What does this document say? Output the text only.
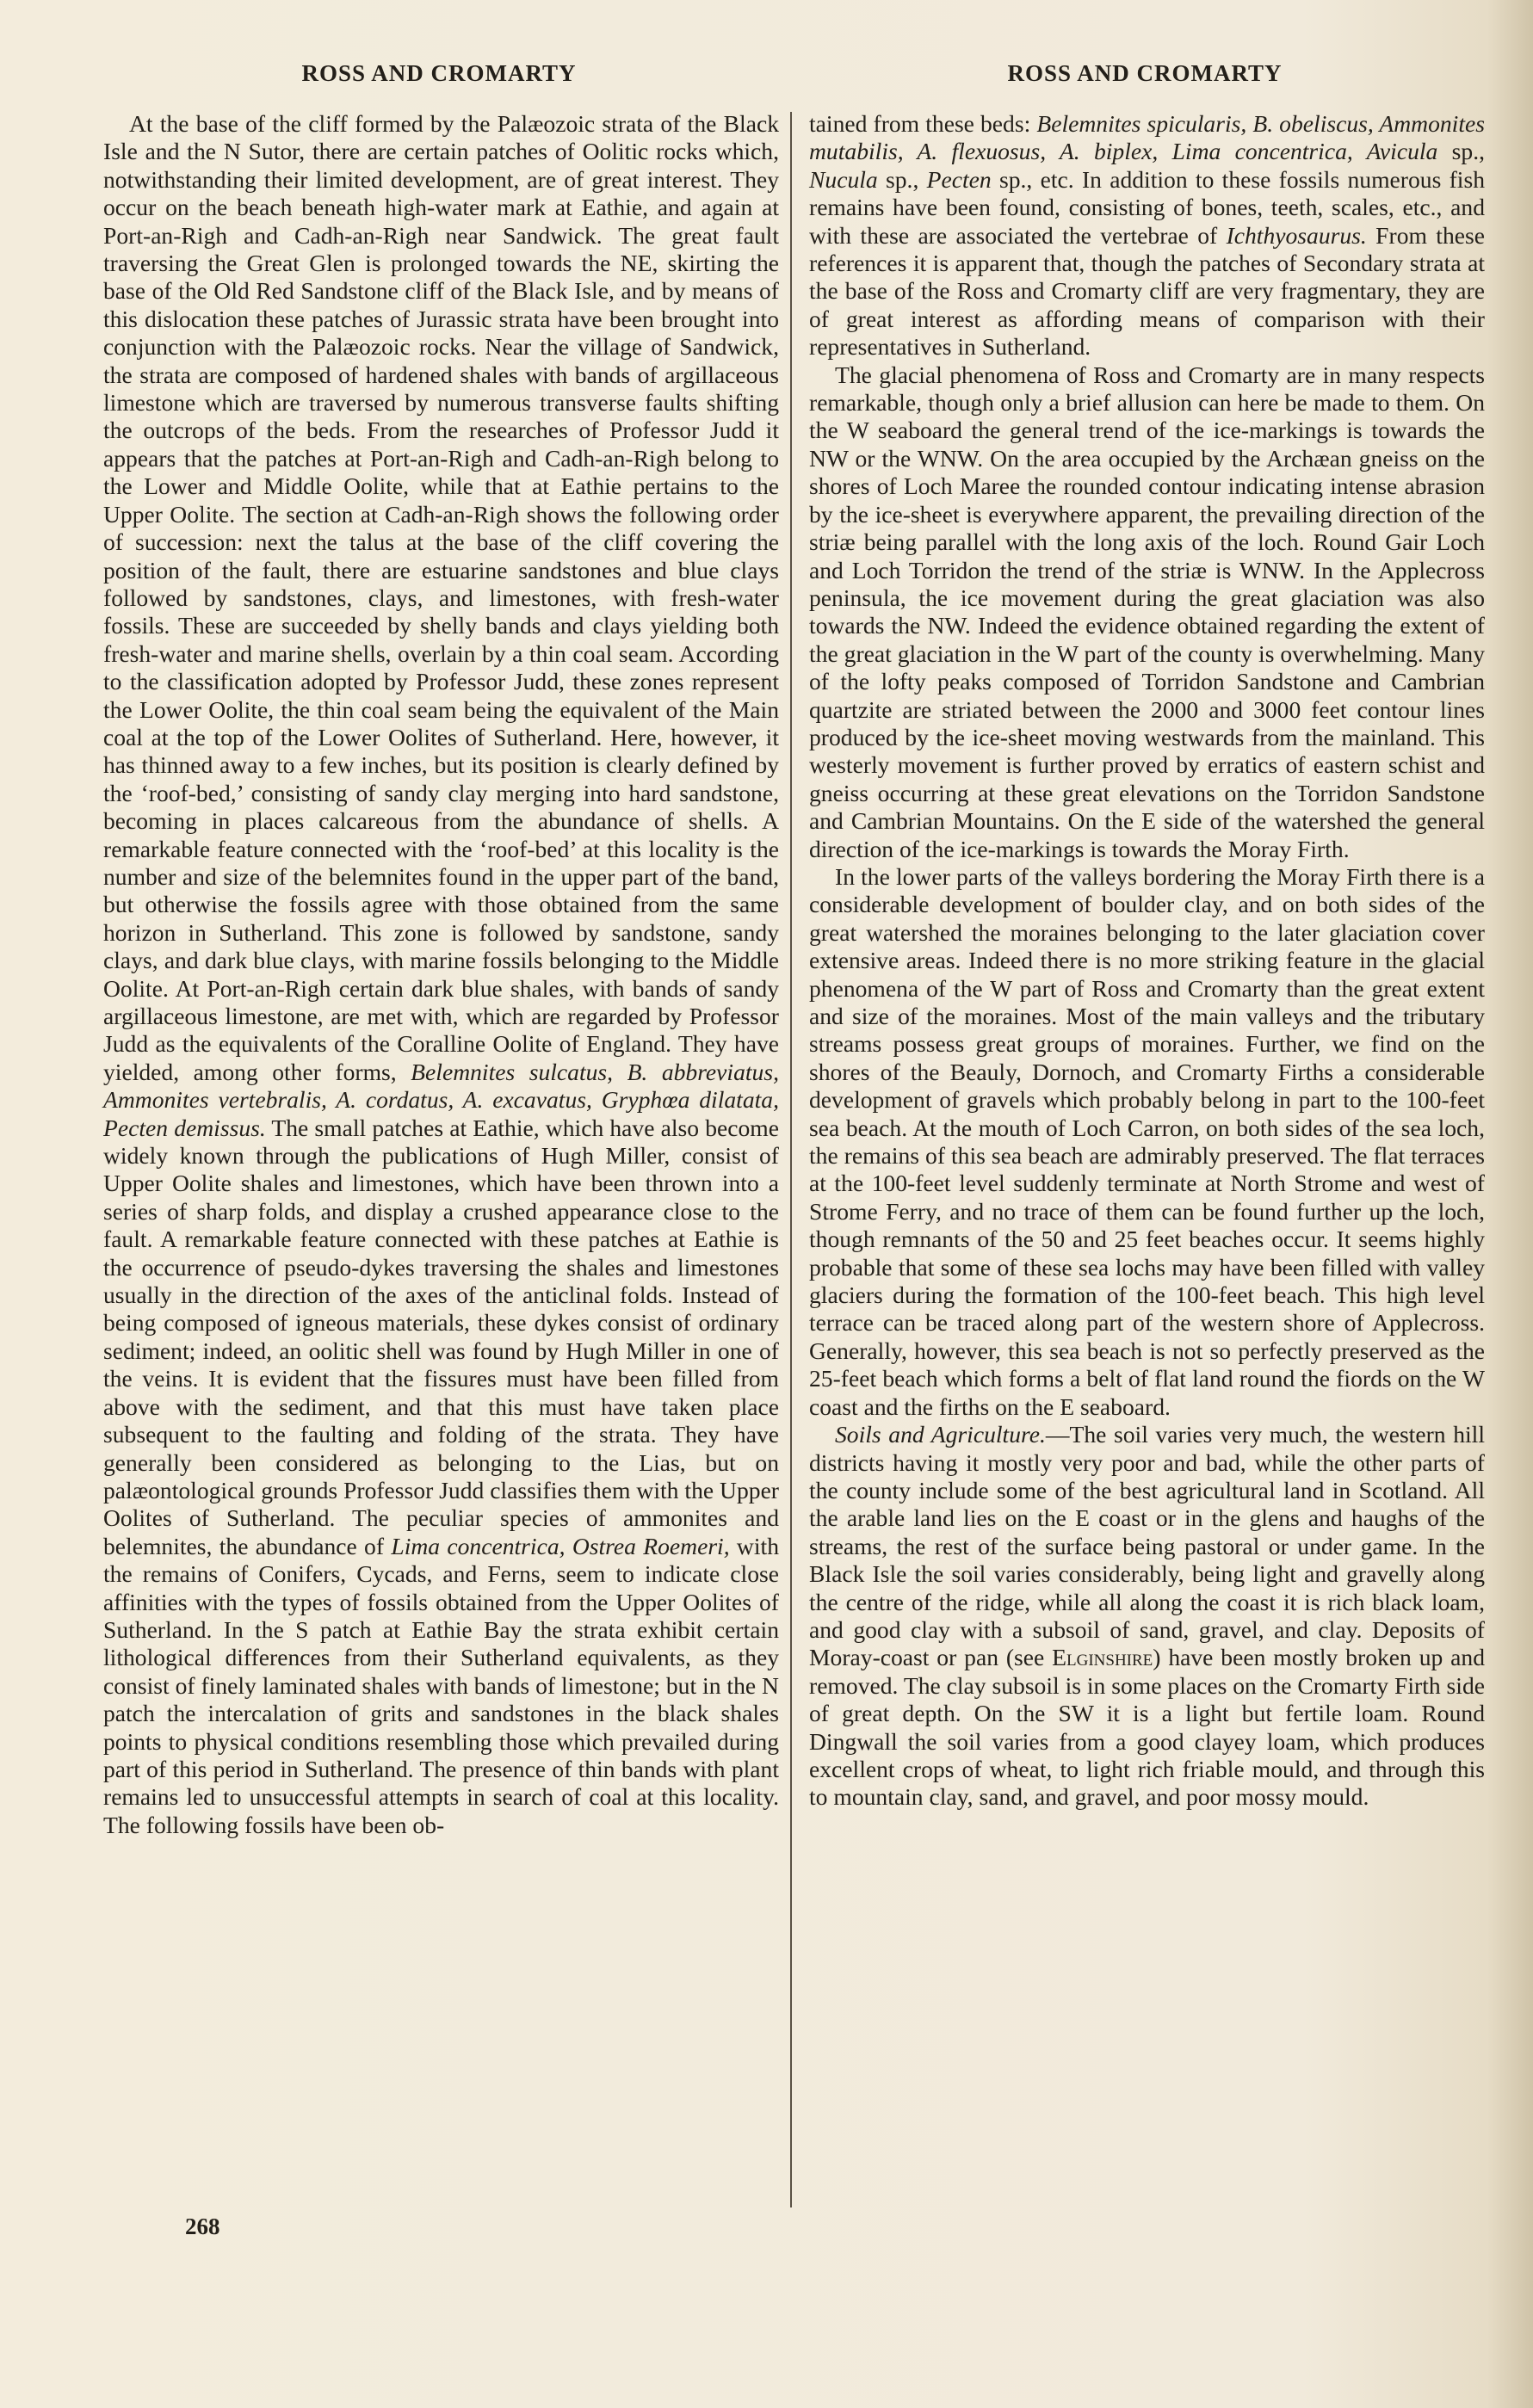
ROSS AND CROMARTY	ROSS AND CROMARTY

At the base of the cliff formed by the Palæozoic strata of the Black Isle and the N Sutor, there are certain patches of Oolitic rocks which, notwithstanding their limited development, are of great interest. They occur on the beach beneath high-water mark at Eathie, and again at Port-an-Righ and Cadh-an-Righ near Sandwick. The great fault traversing the Great Glen is prolonged towards the NE, skirting the base of the Old Red Sandstone cliff of the Black Isle, and by means of this dislocation these patches of Jurassic strata have been brought into conjunction with the Palæozoic rocks. Near the village of Sandwick, the strata are composed of hardened shales with bands of argillaceous limestone which are traversed by numerous transverse faults shifting the outcrops of the beds. From the researches of Professor Judd it appears that the patches at Port-an-Righ and Cadh-an-Righ belong to the Lower and Middle Oolite, while that at Eathie pertains to the Upper Oolite. The section at Cadh-an-Righ shows the following order of succession: next the talus at the base of the cliff covering the position of the fault, there are estuarine sandstones and blue clays followed by sandstones, clays, and limestones, with fresh-water fossils. These are succeeded by shelly bands and clays yielding both fresh-water and marine shells, overlain by a thin coal seam. According to the classification adopted by Professor Judd, these zones represent the Lower Oolite, the thin coal seam being the equivalent of the Main coal at the top of the Lower Oolites of Sutherland. Here, however, it has thinned away to a few inches, but its position is clearly defined by the ‘roof-bed,’ consisting of sandy clay merging into hard sandstone, becoming in places calcareous from the abundance of shells. A remarkable feature connected with the ‘roof-bed’ at this locality is the number and size of the belemnites found in the upper part of the band, but otherwise the fossils agree with those obtained from the same horizon in Sutherland. This zone is followed by sandstone, sandy clays, and dark blue clays, with marine fossils belonging to the Middle Oolite. At Port-an-Righ certain dark blue shales, with bands of sandy argillaceous limestone, are met with, which are regarded by Professor Judd as the equivalents of the Coralline Oolite of England. They have yielded, among other forms, Belemnites sulcatus, B. abbreviatus, Ammonites vertebralis, A. cordatus, A. excavatus, Gryphœa dilatata, Pecten demissus. The small patches at Eathie, which have also become widely known through the publications of Hugh Miller, consist of Upper Oolite shales and limestones, which have been thrown into a series of sharp folds, and display a crushed appearance close to the fault. A remarkable feature connected with these patches at Eathie is the occurrence of pseudo-dykes traversing the shales and limestones usually in the direction of the axes of the anticlinal folds. Instead of being composed of igneous materials, these dykes consist of ordinary sediment; indeed, an oolitic shell was found by Hugh Miller in one of the veins. It is evident that the fissures must have been filled from above with the sediment, and that this must have taken place subsequent to the faulting and folding of the strata. They have generally been considered as belonging to the Lias, but on palæontological grounds Professor Judd classifies them with the Upper Oolites of Sutherland. The peculiar species of ammonites and belemnites, the abundance of Lima concentrica, Ostrea Roemeri, with the remains of Conifers, Cycads, and Ferns, seem to indicate close affinities with the types of fossils obtained from the Upper Oolites of Sutherland. In the S patch at Eathie Bay the strata exhibit certain lithological differences from their Sutherland equivalents, as they consist of finely laminated shales with bands of limestone; but in the N patch the intercalation of grits and sandstones in the black shales points to physical conditions resembling those which prevailed during part of this period in Sutherland. The presence of thin bands with plant remains led to unsuccessful attempts in search of coal at this locality. The following fossils have been ob-

tained from these beds: Belemnites spicularis, B. obeliscus, Ammonites mutabilis, A. flexuosus, A. biplex, Lima concentrica, Avicula sp., Nucula sp., Pecten sp., etc. In addition to these fossils numerous fish remains have been found, consisting of bones, teeth, scales, etc., and with these are associated the vertebrae of Ichthyosaurus. From these references it is apparent that, though the patches of Secondary strata at the base of the Ross and Cromarty cliff are very fragmentary, they are of great interest as affording means of comparison with their representatives in Sutherland.

The glacial phenomena of Ross and Cromarty are in many respects remarkable, though only a brief allusion can here be made to them. On the W seaboard the general trend of the ice-markings is towards the NW or the WNW. On the area occupied by the Archæan gneiss on the shores of Loch Maree the rounded contour indicating intense abrasion by the ice-sheet is everywhere apparent, the prevailing direction of the striæ being parallel with the long axis of the loch. Round Gair Loch and Loch Torridon the trend of the striæ is WNW. In the Applecross peninsula, the ice movement during the great glaciation was also towards the NW. Indeed the evidence obtained regarding the extent of the great glaciation in the W part of the county is overwhelming. Many of the lofty peaks composed of Torridon Sandstone and Cambrian quartzite are striated between the 2000 and 3000 feet contour lines produced by the ice-sheet moving westwards from the mainland. This westerly movement is further proved by erratics of eastern schist and gneiss occurring at these great elevations on the Torridon Sandstone and Cambrian Mountains. On the E side of the watershed the general direction of the ice-markings is towards the Moray Firth.

In the lower parts of the valleys bordering the Moray Firth there is a considerable development of boulder clay, and on both sides of the great watershed the moraines belonging to the later glaciation cover extensive areas. Indeed there is no more striking feature in the glacial phenomena of the W part of Ross and Cromarty than the great extent and size of the moraines. Most of the main valleys and the tributary streams possess great groups of moraines. Further, we find on the shores of the Beauly, Dornoch, and Cromarty Firths a considerable development of gravels which probably belong in part to the 100-feet sea beach. At the mouth of Loch Carron, on both sides of the sea loch, the remains of this sea beach are admirably preserved. The flat terraces at the 100-feet level suddenly terminate at North Strome and west of Strome Ferry, and no trace of them can be found further up the loch, though remnants of the 50 and 25 feet beaches occur. It seems highly probable that some of these sea lochs may have been filled with valley glaciers during the formation of the 100-feet beach. This high level terrace can be traced along part of the western shore of Applecross. Generally, however, this sea beach is not so perfectly preserved as the 25-feet beach which forms a belt of flat land round the fiords on the W coast and the firths on the E seaboard.

Soils and Agriculture.—The soil varies very much, the western hill districts having it mostly very poor and bad, while the other parts of the county include some of the best agricultural land in Scotland. All the arable land lies on the E coast or in the glens and haughs of the streams, the rest of the surface being pastoral or under game. In the Black Isle the soil varies considerably, being light and gravelly along the centre of the ridge, while all along the coast it is rich black loam, and good clay with a subsoil of sand, gravel, and clay. Deposits of Moray-coast or pan (see Elginshire) have been mostly broken up and removed. The clay subsoil is in some places on the Cromarty Firth side of great depth. On the SW it is a light but fertile loam. Round Dingwall the soil varies from a good clayey loam, which produces excellent crops of wheat, to light rich friable mould, and through this to mountain clay, sand, and gravel, and poor mossy mould.

268
